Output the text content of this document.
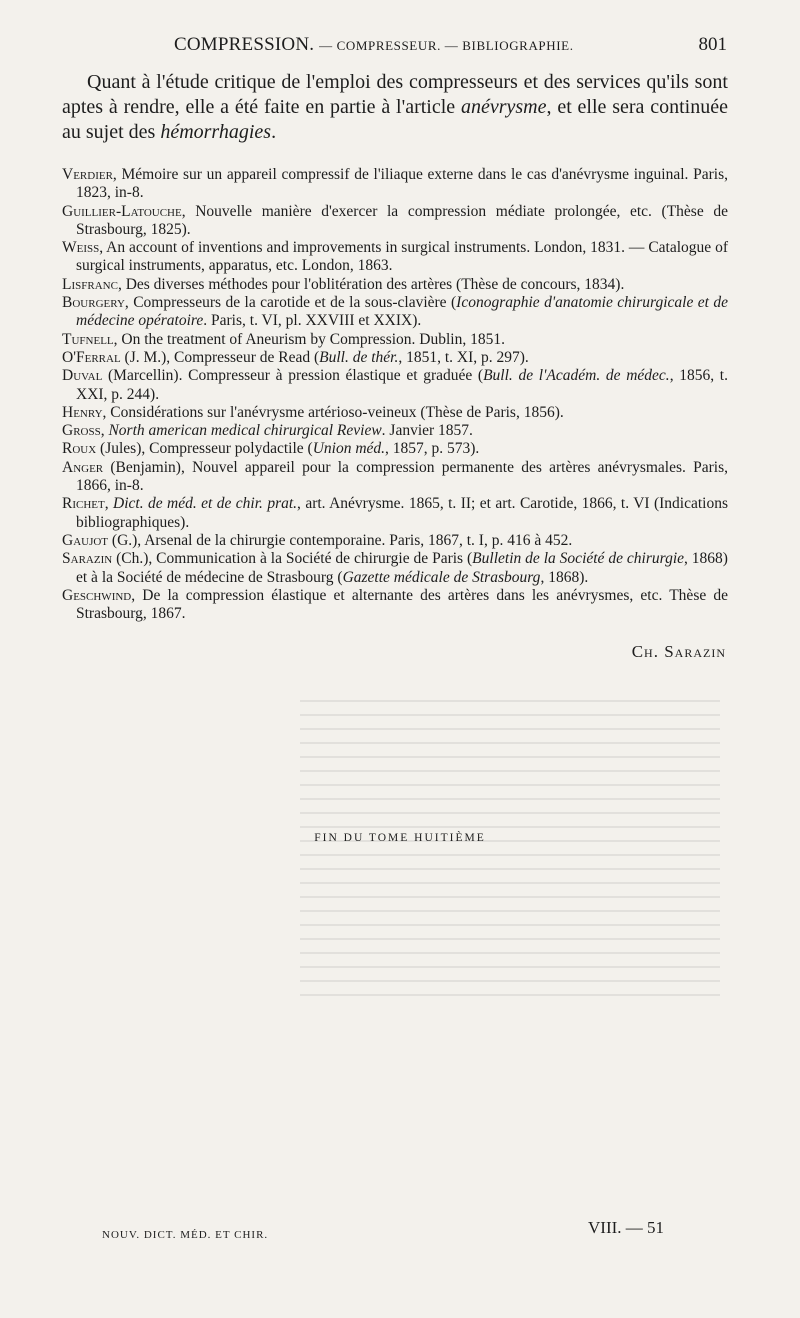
COMPRESSION. — COMPRESSEUR. — BIBLIOGRAPHIE.	801

Quant à l'étude critique de l'emploi des compresseurs et des services qu'ils sont aptes à rendre, elle a été faite en partie à l'article anévrysme, et elle sera continuée au sujet des hémorrhagies.

Verdier, Mémoire sur un appareil compressif de l'iliaque externe dans le cas d'anévrysme inguinal. Paris, 1823, in-8.

Guillier-Latouche, Nouvelle manière d'exercer la compression médiate prolongée, etc. (Thèse de Strasbourg, 1825).

Weiss, An account of inventions and improvements in surgical instruments. London, 1831. — Catalogue of surgical instruments, apparatus, etc. London, 1863.

Lisfranc, Des diverses méthodes pour l'oblitération des artères (Thèse de concours, 1834).

Bourgery, Compresseurs de la carotide et de la sous-clavière (Iconographie d'anatomie chirurgicale et de médecine opératoire. Paris, t. VI, pl. XXVIII et XXIX).

Tufnell, On the treatment of Aneurism by Compression. Dublin, 1851.

O'Ferral (J. M.), Compresseur de Read (Bull. de thér., 1851, t. XI, p. 297).

Duval (Marcellin). Compresseur à pression élastique et graduée (Bull. de l'Académ. de médec., 1856, t. XXI, p. 244).

Henry, Considérations sur l'anévrysme artérioso-veineux (Thèse de Paris, 1856).

Gross, North american medical chirurgical Review. Janvier 1857.

Roux (Jules), Compresseur polydactile (Union méd., 1857, p. 573).

Anger (Benjamin), Nouvel appareil pour la compression permanente des artères anévrysmales. Paris, 1866, in-8.

Richet, Dict. de méd. et de chir. prat., art. Anévrysme. 1865, t. II; et art. Carotide, 1866, t. VI (Indications bibliographiques).

Gaujot (G.), Arsenal de la chirurgie contemporaine. Paris, 1867, t. I, p. 416 à 452.

Sarazin (Ch.), Communication à la Société de chirurgie de Paris (Bulletin de la Société de chirurgie, 1868) et à la Société de médecine de Strasbourg (Gazette médicale de Strasbourg, 1868).

Geschwind, De la compression élastique et alternante des artères dans les anévrysmes, etc. Thèse de Strasbourg, 1867.

Ch. Sarazin
FIN DU TOME HUITIÈME
NOUV. DICT. MÉD. ET CHIR.	VIII. — 51
